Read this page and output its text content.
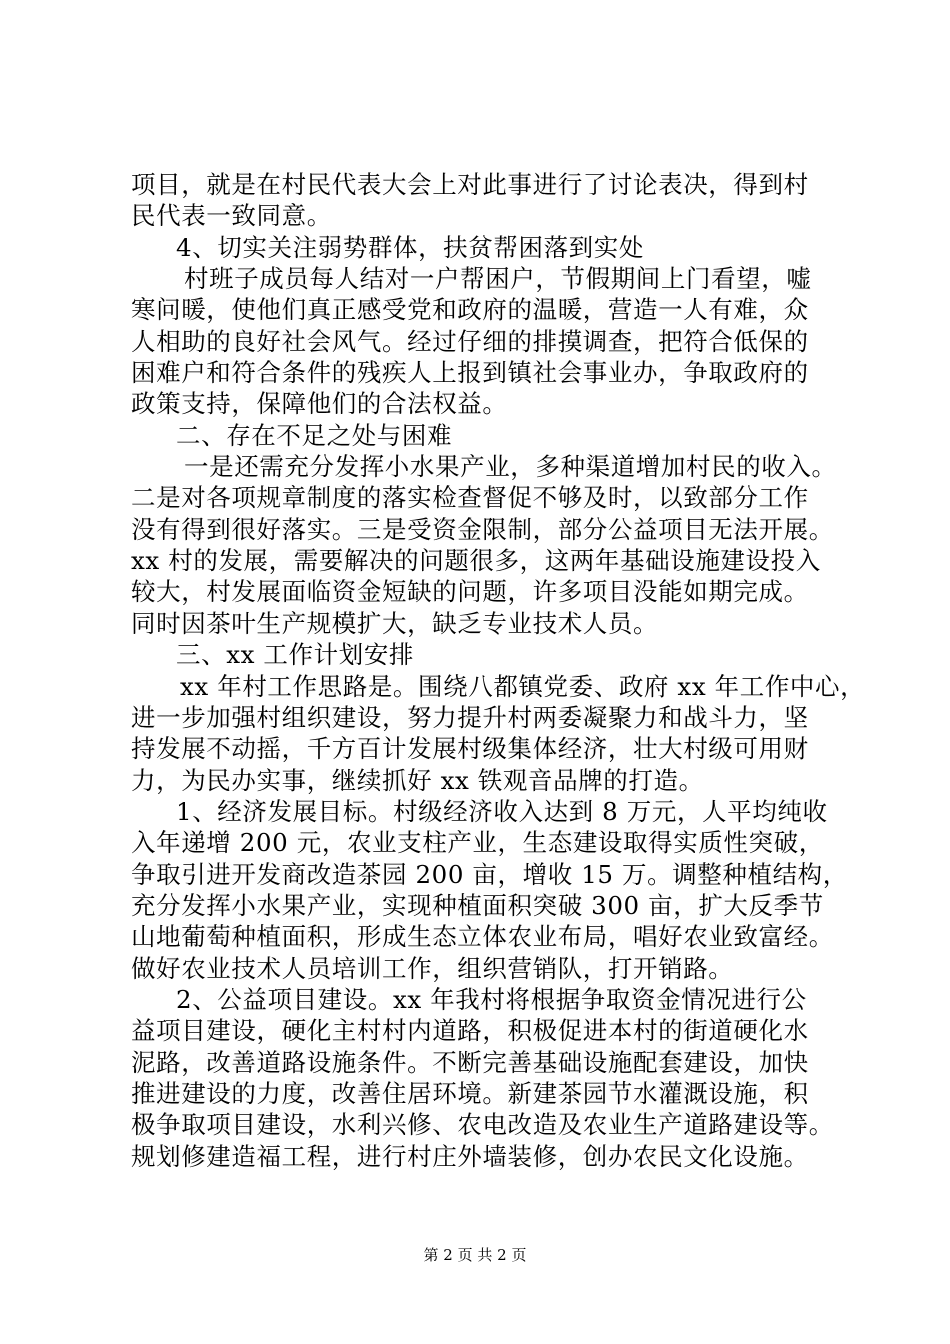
项目，就是在村民代表大会上对此事进行了讨论表决，得到村
民代表一致同意。
4、切实关注弱势群体，扶贫帮困落到实处
村班子成员每人结对一户帮困户，节假期间上门看望，嘘
寒问暖，使他们真正感受党和政府的温暖，营造一人有难，众
人相助的良好社会风气。经过仔细的排摸调查，把符合低保的
困难户和符合条件的残疾人上报到镇社会事业办，争取政府的
政策支持，保障他们的合法权益。
二、存在不足之处与困难
一是还需充分发挥小水果产业，多种渠道增加村民的收入。
二是对各项规章制度的落实检查督促不够及时，以致部分工作
没有得到很好落实。三是受资金限制，部分公益项目无法开展。
xx 村的发展，需要解决的问题很多，这两年基础设施建设投入
较大，村发展面临资金短缺的问题，许多项目没能如期完成。
同时因茶叶生产规模扩大，缺乏专业技术人员。
三、xx 工作计划安排
xx 年村工作思路是。围绕八都镇党委、政府 xx 年工作中心，
进一步加强村组织建设，努力提升村两委凝聚力和战斗力，坚
持发展不动摇，千方百计发展村级集体经济，壮大村级可用财
力，为民办实事，继续抓好 xx 铁观音品牌的打造。
1、经济发展目标。村级经济收入达到 8 万元，人平均纯收
入年递增 200 元，农业支柱产业，生态建设取得实质性突破，
争取引进开发商改造茶园 200 亩，增收 15 万。调整种植结构，
充分发挥小水果产业，实现种植面积突破 300 亩，扩大反季节
山地葡萄种植面积，形成生态立体农业布局，唱好农业致富经。
做好农业技术人员培训工作，组织营销队，打开销路。
2、公益项目建设。xx 年我村将根据争取资金情况进行公
益项目建设，硬化主村村内道路，积极促进本村的街道硬化水
泥路，改善道路设施条件。不断完善基础设施配套建设，加快
推进建设的力度，改善住居环境。新建茶园节水灌溉设施，积
极争取项目建设，水利兴修、农电改造及农业生产道路建设等。
规划修建造福工程，进行村庄外墙装修，创办农民文化设施。
第 2 页 共 2 页
